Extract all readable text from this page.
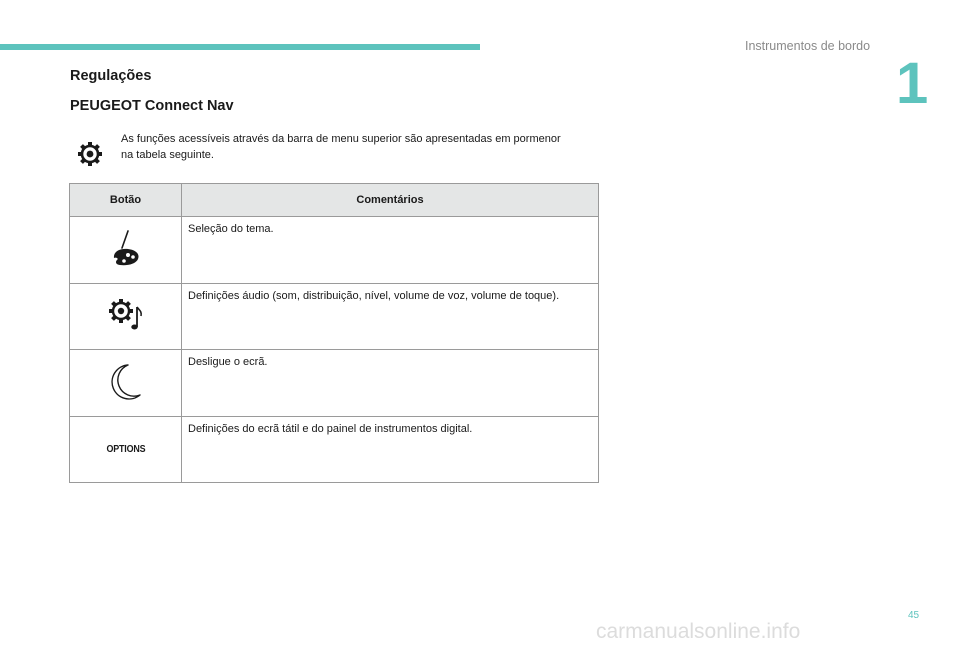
Instrumentos de bordo
1
Regulações
PEUGEOT Connect Nav

As funções acessíveis através da barra de menu superior são apresentadas em pormenor na tabela seguinte.

Botão	Comentários
	Seleção do tema.
	Definições áudio (som, distribuição, nível, volume de voz, volume de toque).
	Desligue o ecrã.
OPTIONS	Definições do ecrã tátil e do painel de instrumentos digital.
45
carmanualsonline.info
